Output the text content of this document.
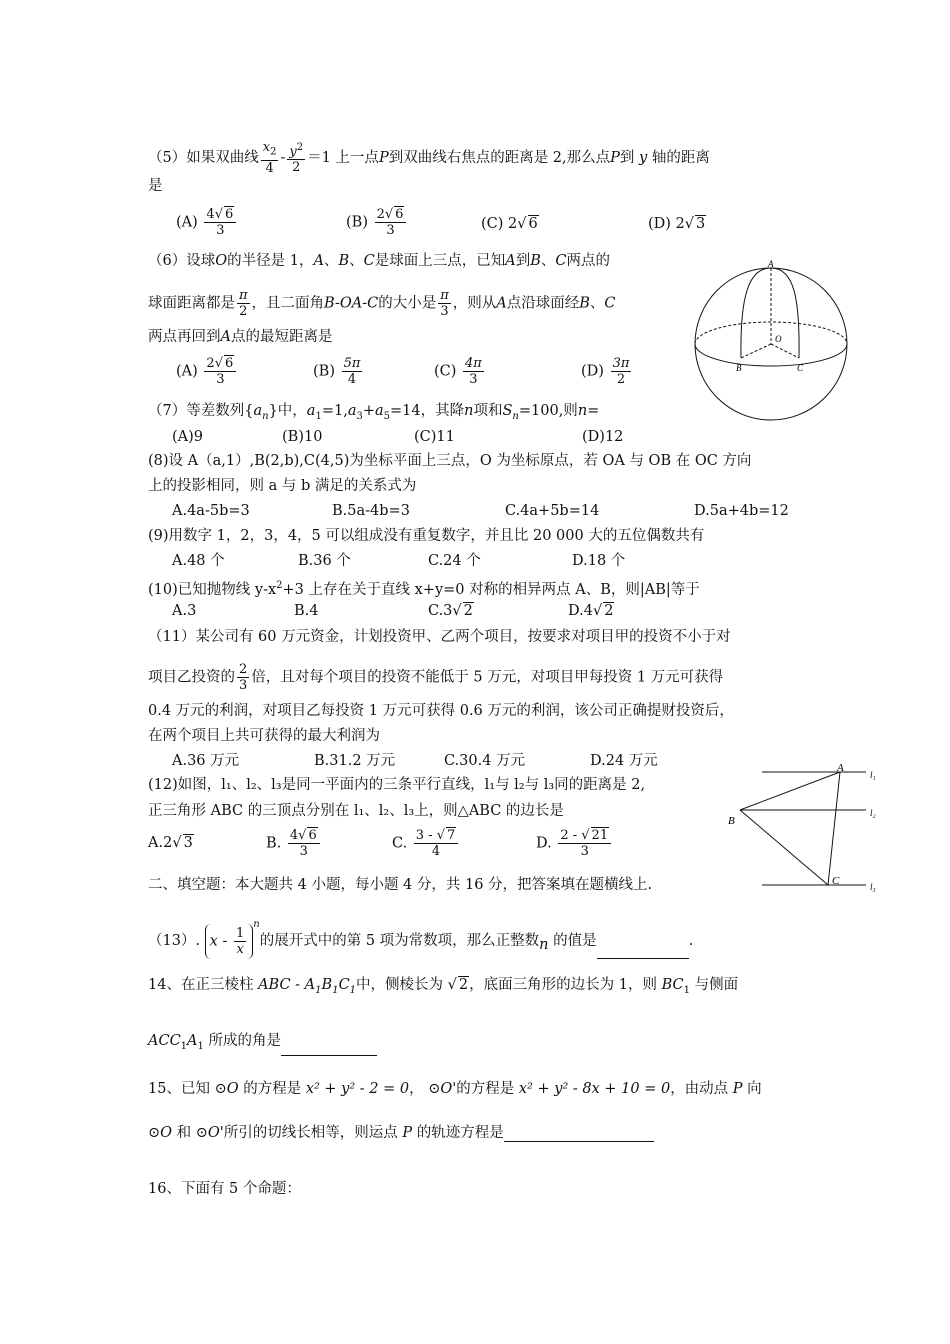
（5）如果双曲线 $\frac{x_2}{4} - \frac{y^2}{2} =1$ 上一点P到双曲线右焦点的距离是 2,那么点P到 y 轴的距离
是
$(A) \frac{4√ 6}{3}$	$(B) \frac{2√ 6}{3}$	(C) 2√ 6	(D) 2√ 3
（6）设球O的半径是 1，A、B、C是球面上三点，已知A到B、C两点的
球面距离都是 $\frac{\pi}{2}$ ，且二面角B-OA-C的大小是 $\frac{\pi}{3}$ ，则从A点沿球面经B、C
两点再回到A点的最短距离是
$(A) \frac{2√ 6}{3}$	$(B) \frac{5\pi}{4}$	$(C) \frac{4\pi}{3}$	$(D) \frac{3\pi}{2}$
A
B	C
O
（7）等差数列$\{a_n\}$中，$a_1=1,a_3+a_5=14$，其降n项和$S_n=100$,则n=
(A)9	(B)10	(C)11	(D)12
(8)设 A（a,1）,B(2,b),C(4,5)为坐标平面上三点，O 为坐标原点，若 OA 与 OB 在 OC 方向
上的投影相同，则 a 与 b 满足的关系式为
A.4a-5b=3	B.5a-4b=3	C.4a+5b=14	D.5a+4b=12
(9)用数字 1，2，3，4，5 可以组成没有重复数字，并且比 20 000 大的五位偶数共有
A.48 个	B.36 个	C.24 个	D.18 个
(10)已知抛物线 $y-x^2+3$ 上存在关于直线 x+y=0 对称的相异两点 A、B，则|AB|等于
A.3	B.4	C.3√ 2	D.4√ 2
（11）某公司有 60 万元资金，计划投资甲、乙两个项目，按要求对项目甲的投资不小于对
项目乙投资的 $\frac{2}{3}$ 倍，且对每个项目的投资不能低于 5 万元，对项目甲每投资 1 万元可获得
0.4 万元的利润，对项目乙每投资 1 万元可获得 0.6 万元的利润，该公司正确提财投资后，
在两个项目上共可获得的最大利润为
A.36 万元	B.31.2 万元	C.30.4 万元	D.24 万元
(12)如图，l₁、l₂、l₃是同一平面内的三条平行直线，l₁与 l₂与 l₃同的距离是 2,
正三角形 ABC 的三顶点分别在 l₁、l₂、l₃上，则△ABC 的边长是
A.2√ 3	B. $\frac{4√ 6}{3}$	C. $\frac{3 - √ 7}{4}$	D. $\frac{2 - √ 21}{3}$
A
B
C
l₁
l₂
l₃
二、填空题：本大题共 4 小题，每小题 4 分，共 16 分，把答案填在题横线上.
（13）. x - $\frac{1}{x}$
$^n$的展开式中的第 5 项为常数项，那么正整数n 的值是	.
14、在正三棱柱 ABC - $A_1B_1C_1$中，侧棱长为 √ 2，底面三角形的边长为 1，则 $BC_1$ 与侧面
$ACC_1A_1$ 所成的角是
15、已知 ⊙O 的方程是 x² + y² - 2 = 0， ⊙O'的方程是 x² + y² - 8x + 10 = 0，由动点 P 向
⊙O 和 ⊙O'所引的切线长相等，则运点 P 的轨迹方程是
16、下面有 5 个命题：
